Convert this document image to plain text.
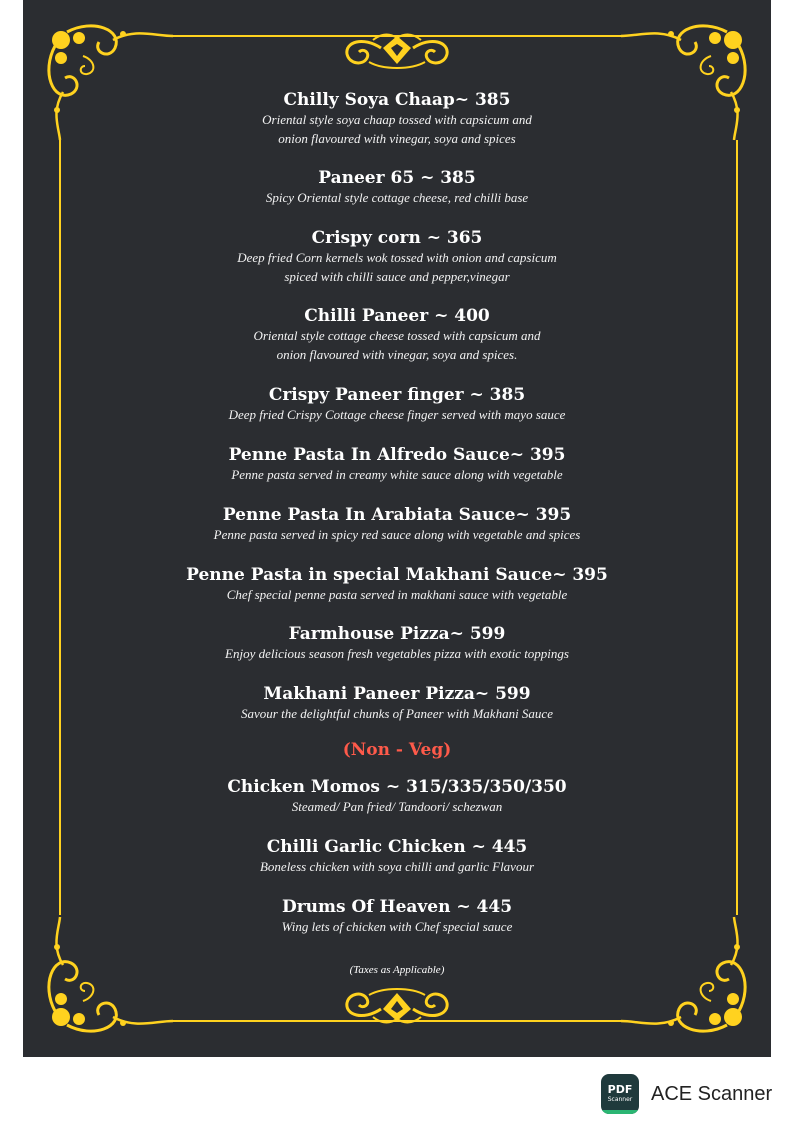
Chilly Soya Chaap~ 385
Oriental style soya chaap tossed with capsicum and
onion flavoured with vinegar, soya and spices
Paneer 65 ~ 385
Spicy Oriental style cottage cheese, red chilli base
Crispy corn ~ 365
Deep fried Corn kernels wok tossed with onion and capsicum
spiced with chilli sauce and pepper,vinegar
Chilli Paneer ~ 400
Oriental style cottage cheese tossed with capsicum and
onion flavoured with vinegar, soya and spices.
Crispy Paneer finger ~ 385
Deep fried Crispy Cottage cheese finger served with mayo sauce
Penne Pasta In Alfredo Sauce~ 395
Penne pasta served in creamy white sauce along with vegetable
Penne Pasta In Arabiata Sauce~ 395
Penne pasta served in spicy red sauce along with vegetable and spices
Penne Pasta in special Makhani Sauce~ 395
Chef special penne pasta served in makhani sauce with vegetable
Farmhouse Pizza~ 599
Enjoy delicious season fresh vegetables pizza with exotic toppings
Makhani Paneer Pizza~ 599
Savour the delightful chunks of Paneer with Makhani Sauce
(Non - Veg)
Chicken Momos ~ 315/335/350/350
Steamed/ Pan fried/ Tandoori/ schezwan
Chilli Garlic Chicken ~ 445
Boneless chicken with soya chilli and garlic Flavour
Drums Of Heaven ~ 445
Wing lets of chicken with Chef special sauce
(Taxes as Applicable)
PDF
Scanner ACE Scanner
